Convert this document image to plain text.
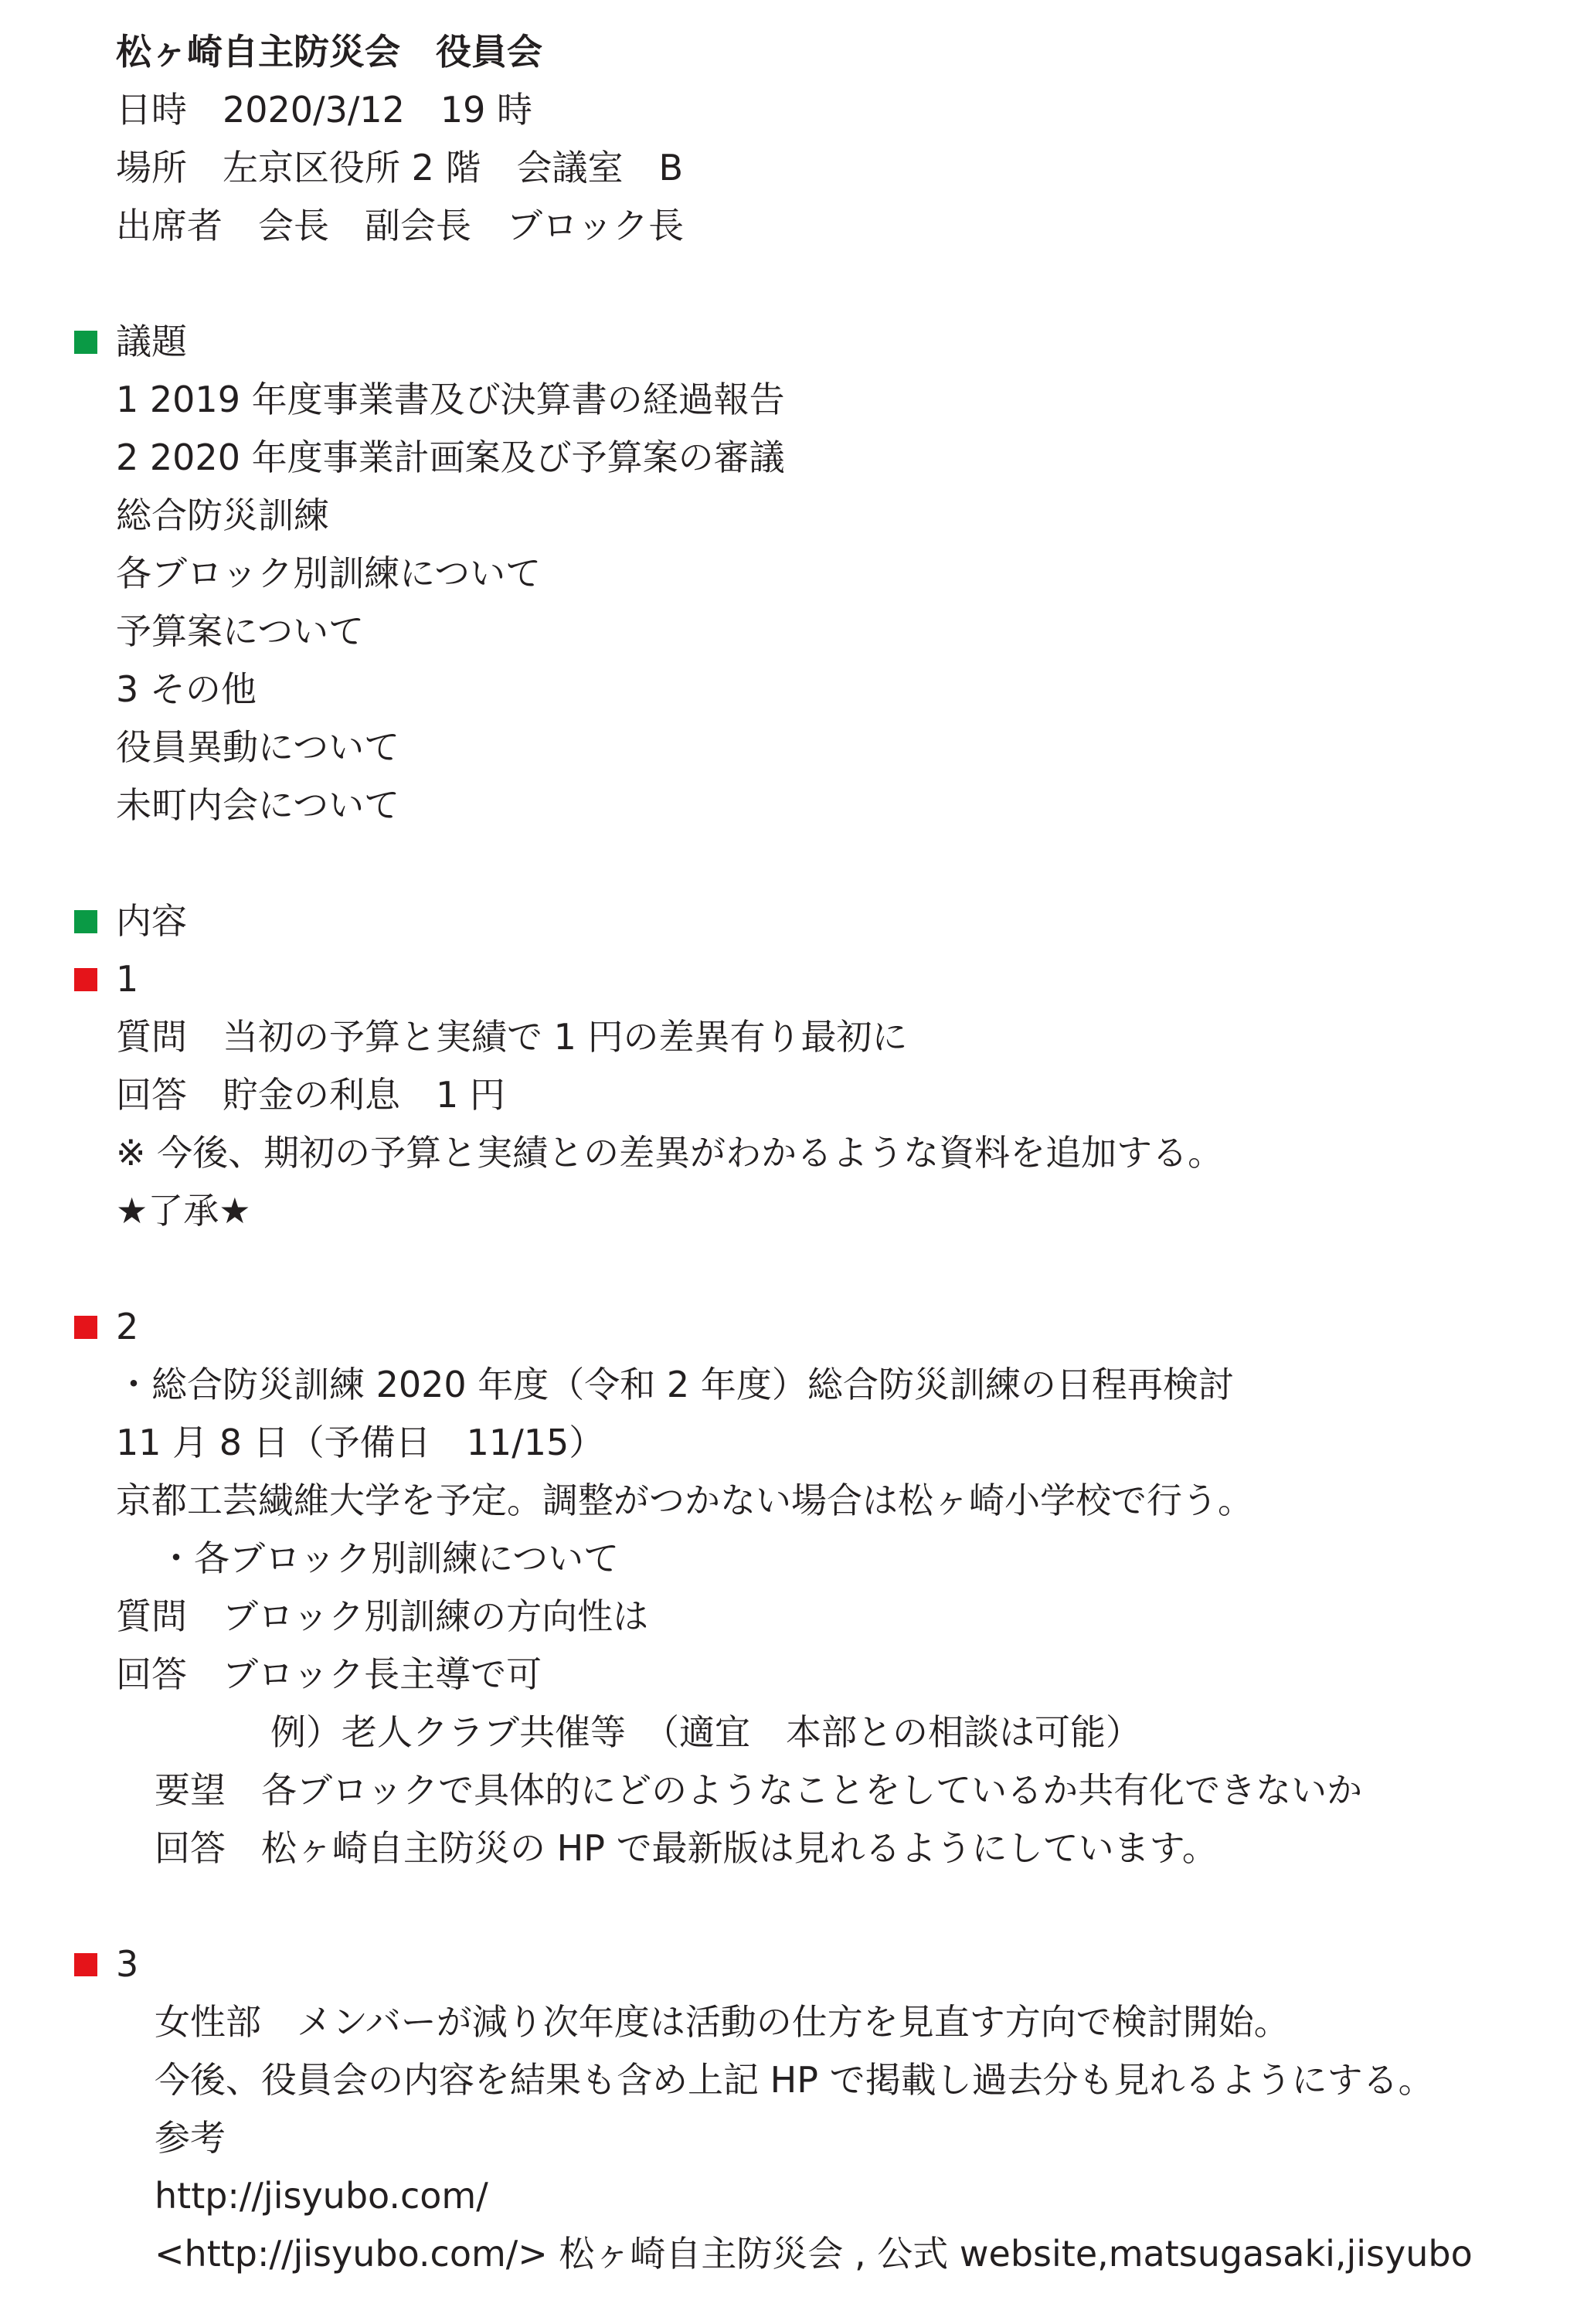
松ヶ崎自主防災会　役員会
日時　2020/3/12　19 時
場所　左京区役所 2 階　会議室　B
出席者　会長　副会長　ブロック長
議題
1 2019 年度事業書及び決算書の経過報告
2 2020 年度事業計画案及び予算案の審議
総合防災訓練
各ブロック別訓練について
予算案について
3 その他
役員異動について
未町内会について
内容
1
質問　当初の予算と実績で 1 円の差異有り最初に
回答　貯金の利息　1 円
※ 今後、期初の予算と実績との差異がわかるような資料を追加する。
★了承★
2
・総合防災訓練 2020 年度（令和 2 年度）総合防災訓練の日程再検討
11 月 8 日（予備日　11/15）
京都工芸繊維大学を予定。調整がつかない場合は松ヶ崎小学校で行う。
・各ブロック別訓練について
質問　ブロック別訓練の方向性は
回答　ブロック長主導で可
例）老人クラブ共催等　（適宜　本部との相談は可能）
要望　各ブロックで具体的にどのようなことをしているか共有化できないか
回答　松ヶ崎自主防災の HP で最新版は見れるようにしています。
3
女性部　メンバーが減り次年度は活動の仕方を見直す方向で検討開始。
今後、役員会の内容を結果も含め上記 HP で掲載し過去分も見れるようにする。
参考
http://jisyubo.com/
<http://jisyubo.com/> 松ヶ崎自主防災会 , 公式 website,matsugasaki,jisyubo
